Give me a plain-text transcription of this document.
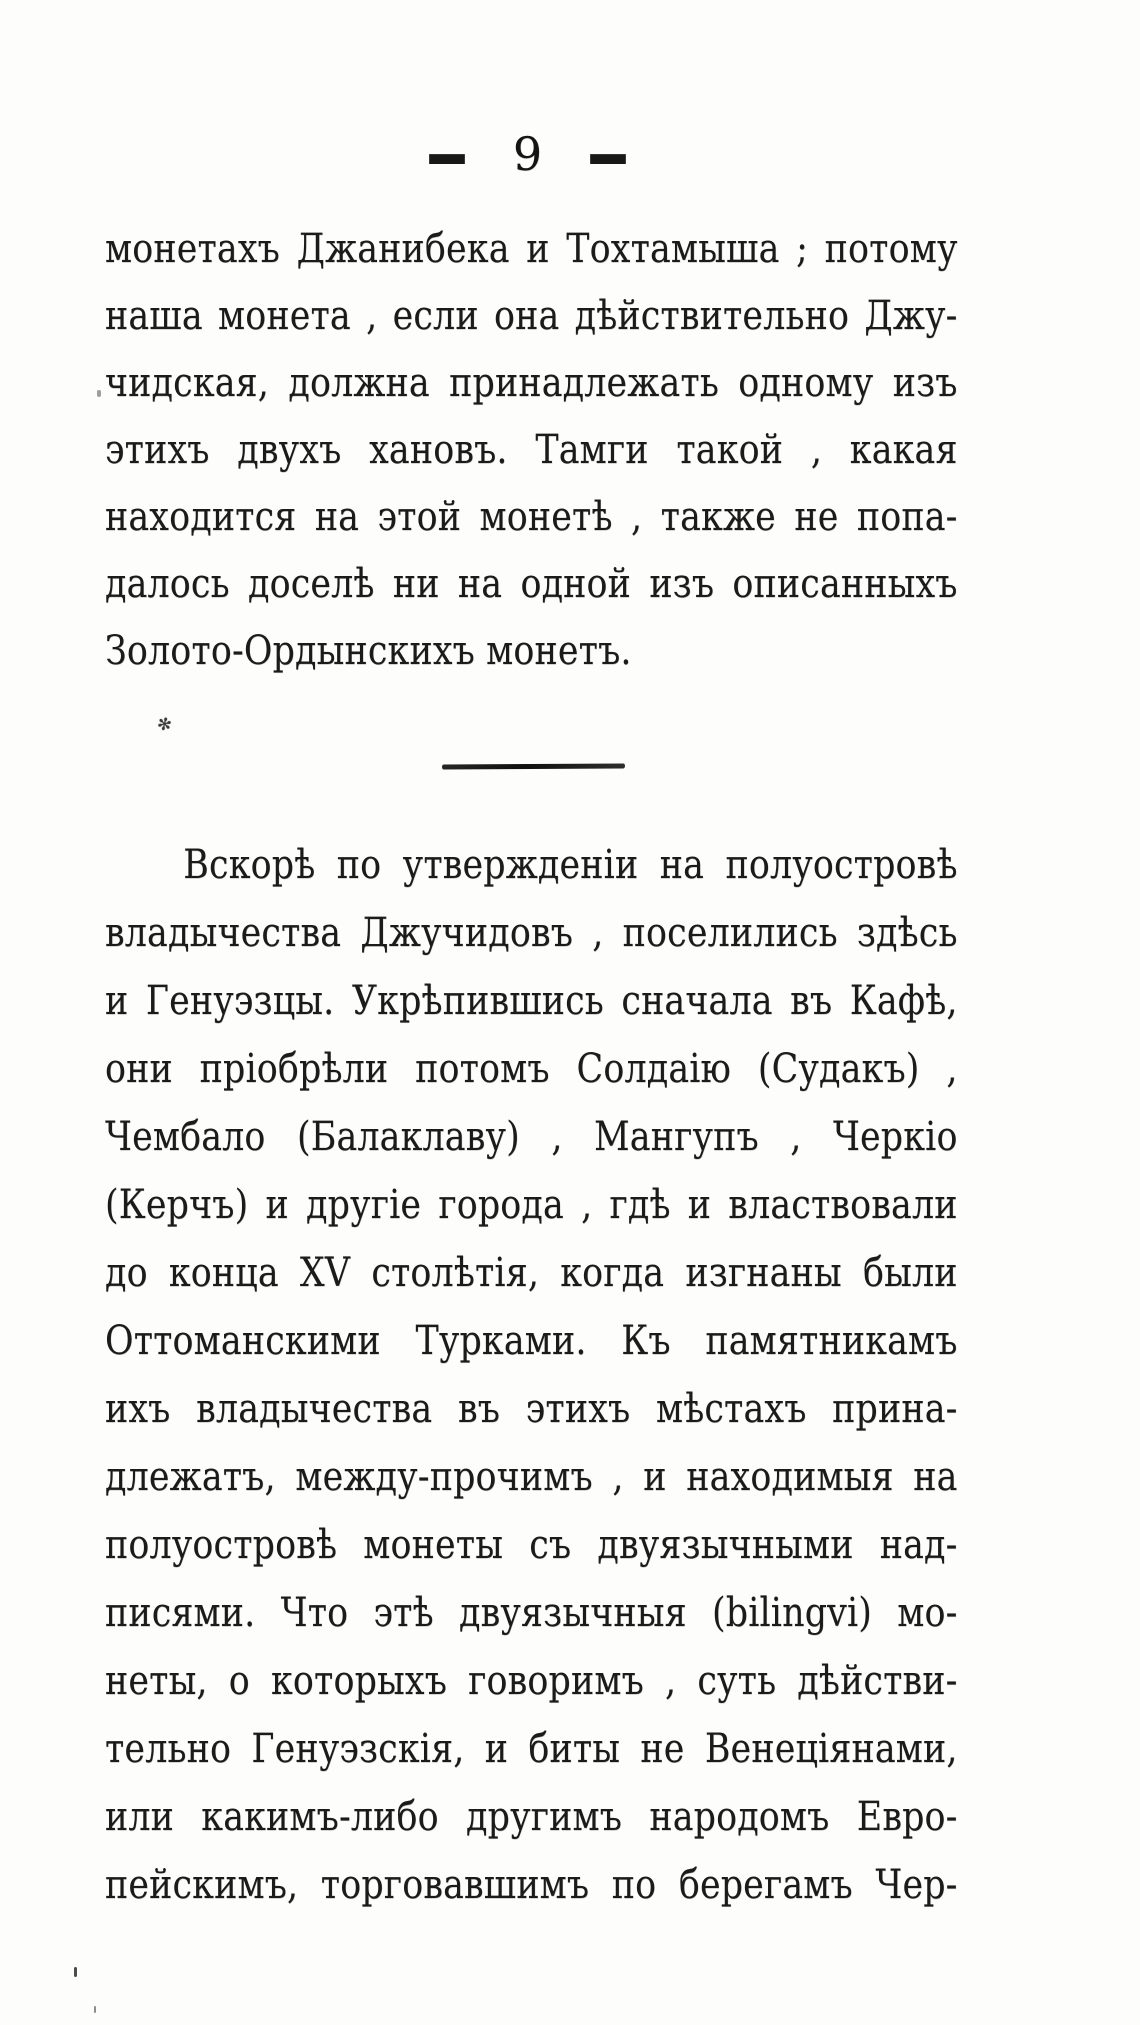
— 9 —
монетахъ Джанибека и Тохтамыша ; потому
наша монета , если она дѣйствительно Джу-
чидская, должна принадлежать одному изъ
этихъ двухъ хановъ. Тамги такой , какая
находится на этой монетѣ , также не попа-
далось доселѣ ни на одной изъ описанныхъ
Золото-Ордынскихъ монетъ.
✻
Вскорѣ по утвержденіи на полуостровѣ
владычества Джучидовъ , поселились здѣсь
и Генуэзцы. Укрѣпившись сначала въ Кафѣ,
они пріобрѣли потомъ Солдаію (Судакъ) ,
Чембало (Балаклаву) , Мангупъ , Черкіо
(Керчъ) и другіе города , гдѣ и властвовали
до конца XV столѣтія, когда изгнаны были
Оттоманскими Турками. Къ памятникамъ
ихъ владычества въ этихъ мѣстахъ прина-
длежатъ, между-прочимъ , и находимыя на
полуостровѣ монеты съ двуязычными над-
писями. Что этѣ двуязычныя (bilingvi) мо-
неты, о которыхъ говоримъ , суть дѣйстви-
тельно Генуэзскія, и биты не Венеціянами,
или какимъ-либо другимъ народомъ Евро-
пейскимъ, торговавшимъ по берегамъ Чер-
